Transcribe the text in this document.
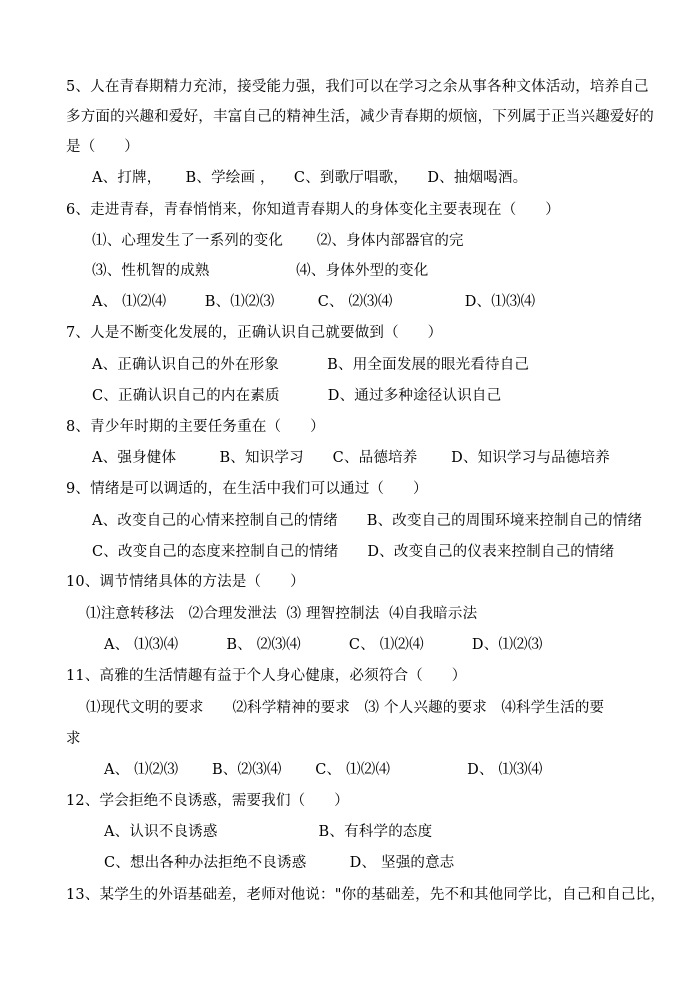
5、人在青春期精力充沛，接受能力强，我们可以在学习之余从事各种文体活动，培养自己
多方面的兴趣和爱好，丰富自己的精神生活，减少青春期的烦恼，下列属于正当兴趣爱好的
是（      ）
A、打牌，     B、学绘画 ，    C、到歌厅唱歌，    D、抽烟喝酒。
6、走进青春，青春悄悄来，你知道青春期人的身体变化主要表现在（      ）
⑴、心理发生了一系列的变化       ⑵、身体内部器官的完
⑶、性机智的成熟                  ⑷、身体外型的变化
A、 ⑴⑵⑷        B、⑴⑵⑶         C、 ⑵⑶⑷               D、⑴⑶⑷
7、人是不断变化发展的，正确认识自己就要做到（      ）
A、正确认识自己的外在形象          B、用全面发展的眼光看待自己
C、正确认识自己的内在素质          D、通过多种途径认识自己
8、青少年时期的主要任务重在（      ）
A、强身健体         B、知识学习      C、品德培养       D、知识学习与品德培养
9、情绪是可以调适的，在生活中我们可以通过（      ）
A、改变自己的心情来控制自己的情绪      B、改变自己的周围环境来控制自己的情绪
C、改变自己的态度来控制自己的情绪      D、改变自己的仪表来控制自己的情绪
10、调节情绪具体的方法是（      ）
⑴注意转移法   ⑵合理发泄法  ⑶ 理智控制法  ⑷自我暗示法
A、 ⑴⑶⑷          B、 ⑵⑶⑷          C、 ⑴⑵⑷          D、⑴⑵⑶
11、高雅的生活情趣有益于个人身心健康，必须符合（      ）
⑴现代文明的要求      ⑵科学精神的要求   ⑶ 个人兴趣的要求   ⑷科学生活的要
求
A、 ⑴⑵⑶       B、⑵⑶⑷       C、 ⑴⑵⑷                D、 ⑴⑶⑷
12、学会拒绝不良诱惑，需要我们（      ）
A、认识不良诱惑                     B、有科学的态度
C、想出各种办法拒绝不良诱惑         D、 坚强的意志
13、某学生的外语基础差，老师对他说："你的基础差，先不和其他同学比，自己和自己比，
